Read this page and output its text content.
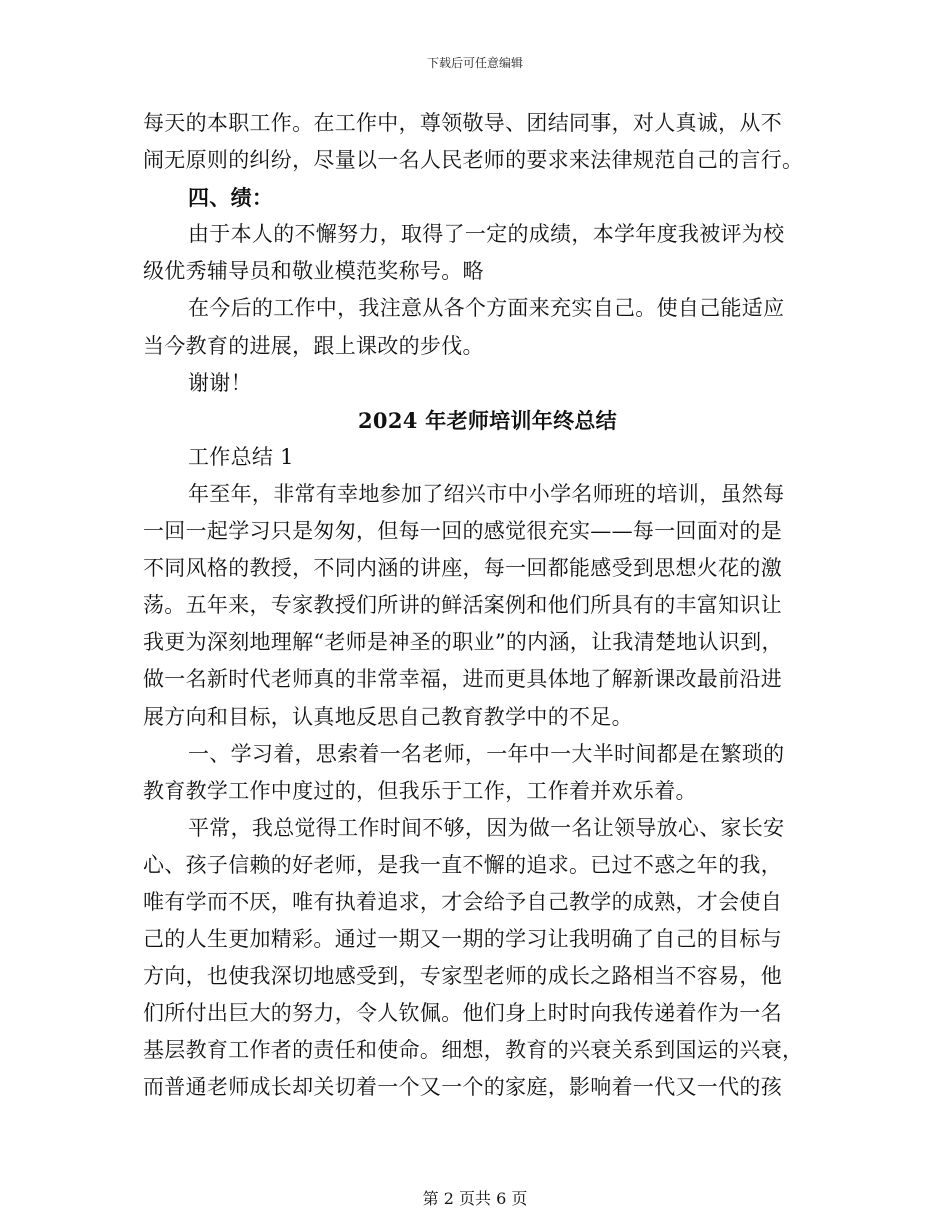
下载后可任意编辑
每天的本职工作。在工作中，尊领敬导、团结同事，对人真诚，从不
闹无原则的纠纷，尽量以一名人民老师的要求来法律规范自己的言行。
四、绩：
由于本人的不懈努力，取得了一定的成绩，本学年度我被评为校
级优秀辅导员和敬业模范奖称号。略
在今后的工作中，我注意从各个方面来充实自己。使自己能适应
当今教育的进展，跟上课改的步伐。
谢谢！
2024 年老师培训年终总结
工作总结 1
年至年，非常有幸地参加了绍兴市中小学名师班的培训，虽然每
一回一起学习只是匆匆，但每一回的感觉很充实——每一回面对的是
不同风格的教授，不同内涵的讲座，每一回都能感受到思想火花的激
荡。五年来，专家教授们所讲的鲜活案例和他们所具有的丰富知识让
我更为深刻地理解“老师是神圣的职业”的内涵，让我清楚地认识到，
做一名新时代老师真的非常幸福，进而更具体地了解新课改最前沿进
展方向和目标，认真地反思自己教育教学中的不足。
一、学习着，思索着一名老师，一年中一大半时间都是在繁琐的
教育教学工作中度过的，但我乐于工作，工作着并欢乐着。
平常，我总觉得工作时间不够，因为做一名让领导放心、家长安
心、孩子信赖的好老师，是我一直不懈的追求。已过不惑之年的我，
唯有学而不厌，唯有执着追求，才会给予自己教学的成熟，才会使自
己的人生更加精彩。通过一期又一期的学习让我明确了自己的目标与
方向，也使我深切地感受到，专家型老师的成长之路相当不容易，他
们所付出巨大的努力，令人钦佩。他们身上时时向我传递着作为一名
基层教育工作者的责任和使命。细想，教育的兴衰关系到国运的兴衰，
而普通老师成长却关切着一个又一个的家庭，影响着一代又一代的孩
第 2 页共 6 页
